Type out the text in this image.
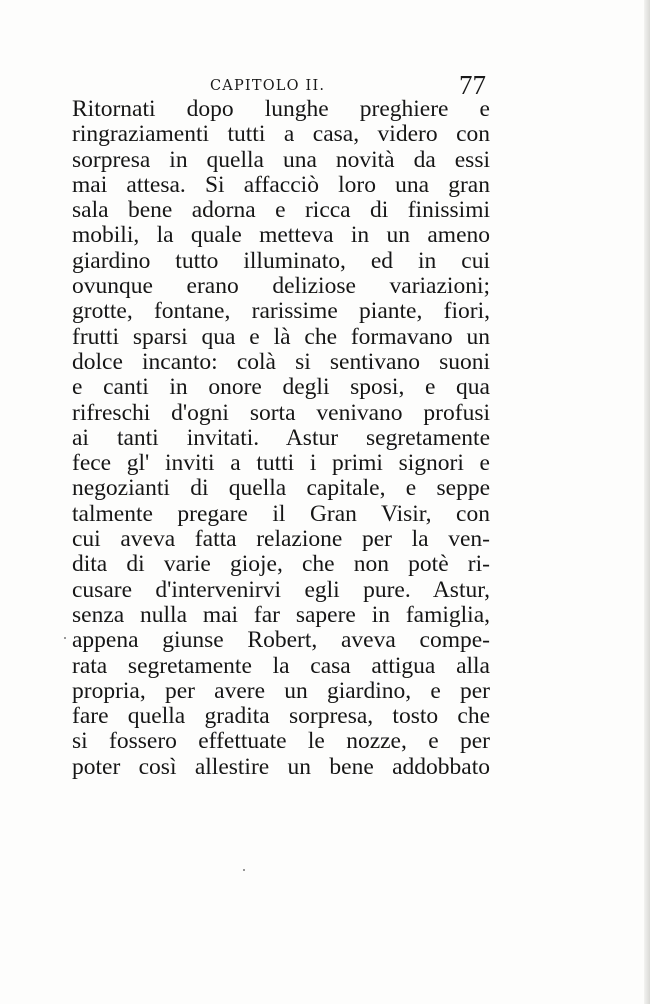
CAPITOLO II.	77
Ritornati dopo lunghe preghiere e
ringraziamenti tutti a casa, videro con
sorpresa in quella una novità da essi
mai attesa. Si affacciò loro una gran
sala bene adorna e ricca di finissimi
mobili, la quale metteva in un ameno
giardino tutto illuminato, ed in cui
ovunque erano deliziose variazioni;
grotte, fontane, rarissime piante, fiori,
frutti sparsi qua e là che formavano un
dolce incanto: colà si sentivano suoni
e canti in onore degli sposi, e qua
rifreschi d'ogni sorta venivano profusi
ai tanti invitati. Astur segretamente
fece gl' inviti a tutti i primi signori e
negozianti di quella capitale, e seppe
talmente pregare il Gran Visir, con
cui aveva fatta relazione per la ven-
dita di varie gioje, che non potè ri-
cusare d'intervenirvi egli pure. Astur,
senza nulla mai far sapere in famiglia,
appena giunse Robert, aveva compe-
rata segretamente la casa attigua alla
propria, per avere un giardino, e per
fare quella gradita sorpresa, tosto che
si fossero effettuate le nozze, e per
poter così allestire un bene addobbato
